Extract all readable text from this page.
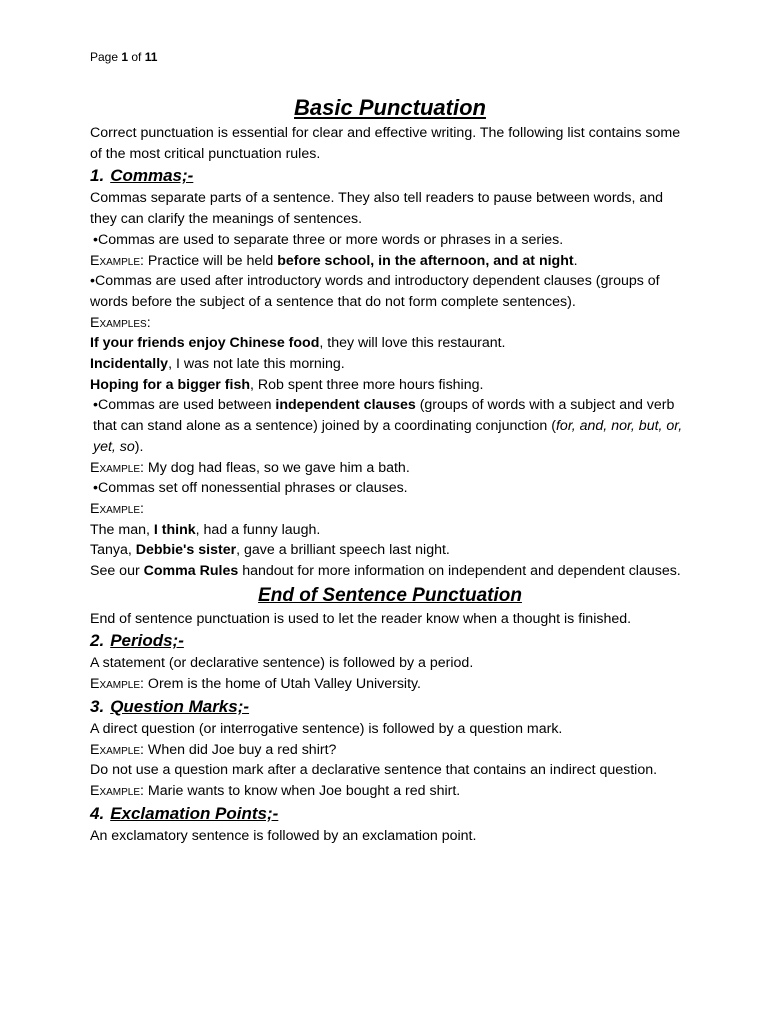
Page 1 of 11

Basic Punctuation

Correct punctuation is essential for clear and effective writing. The following list contains some of the most critical punctuation rules.

1. Commas;-

Commas separate parts of a sentence. They also tell readers to pause between words, and they can clarify the meanings of sentences.

•Commas are used to separate three or more words or phrases in a series.

Example: Practice will be held before school, in the afternoon, and at night.

•Commas are used after introductory words and introductory dependent clauses (groups of words before the subject of a sentence that do not form complete sentences).

Examples:

If your friends enjoy Chinese food, they will love this restaurant.

Incidentally, I was not late this morning.

Hoping for a bigger fish, Rob spent three more hours fishing.

•Commas are used between independent clauses (groups of words with a subject and verb that can stand alone as a sentence) joined by a coordinating conjunction (for, and, nor, but, or, yet, so).

Example: My dog had fleas, so we gave him a bath.

•Commas set off nonessential phrases or clauses.

Example:

The man, I think, had a funny laugh.

Tanya, Debbie's sister, gave a brilliant speech last night.

See our Comma Rules handout for more information on independent and dependent clauses.

End of Sentence Punctuation

End of sentence punctuation is used to let the reader know when a thought is finished.

2. Periods;-

A statement (or declarative sentence) is followed by a period.

Example: Orem is the home of Utah Valley University.

3. Question Marks;-

A direct question (or interrogative sentence) is followed by a question mark.

Example: When did Joe buy a red shirt?

Do not use a question mark after a declarative sentence that contains an indirect question.

Example: Marie wants to know when Joe bought a red shirt.

4. Exclamation Points;-

An exclamatory sentence is followed by an exclamation point.
